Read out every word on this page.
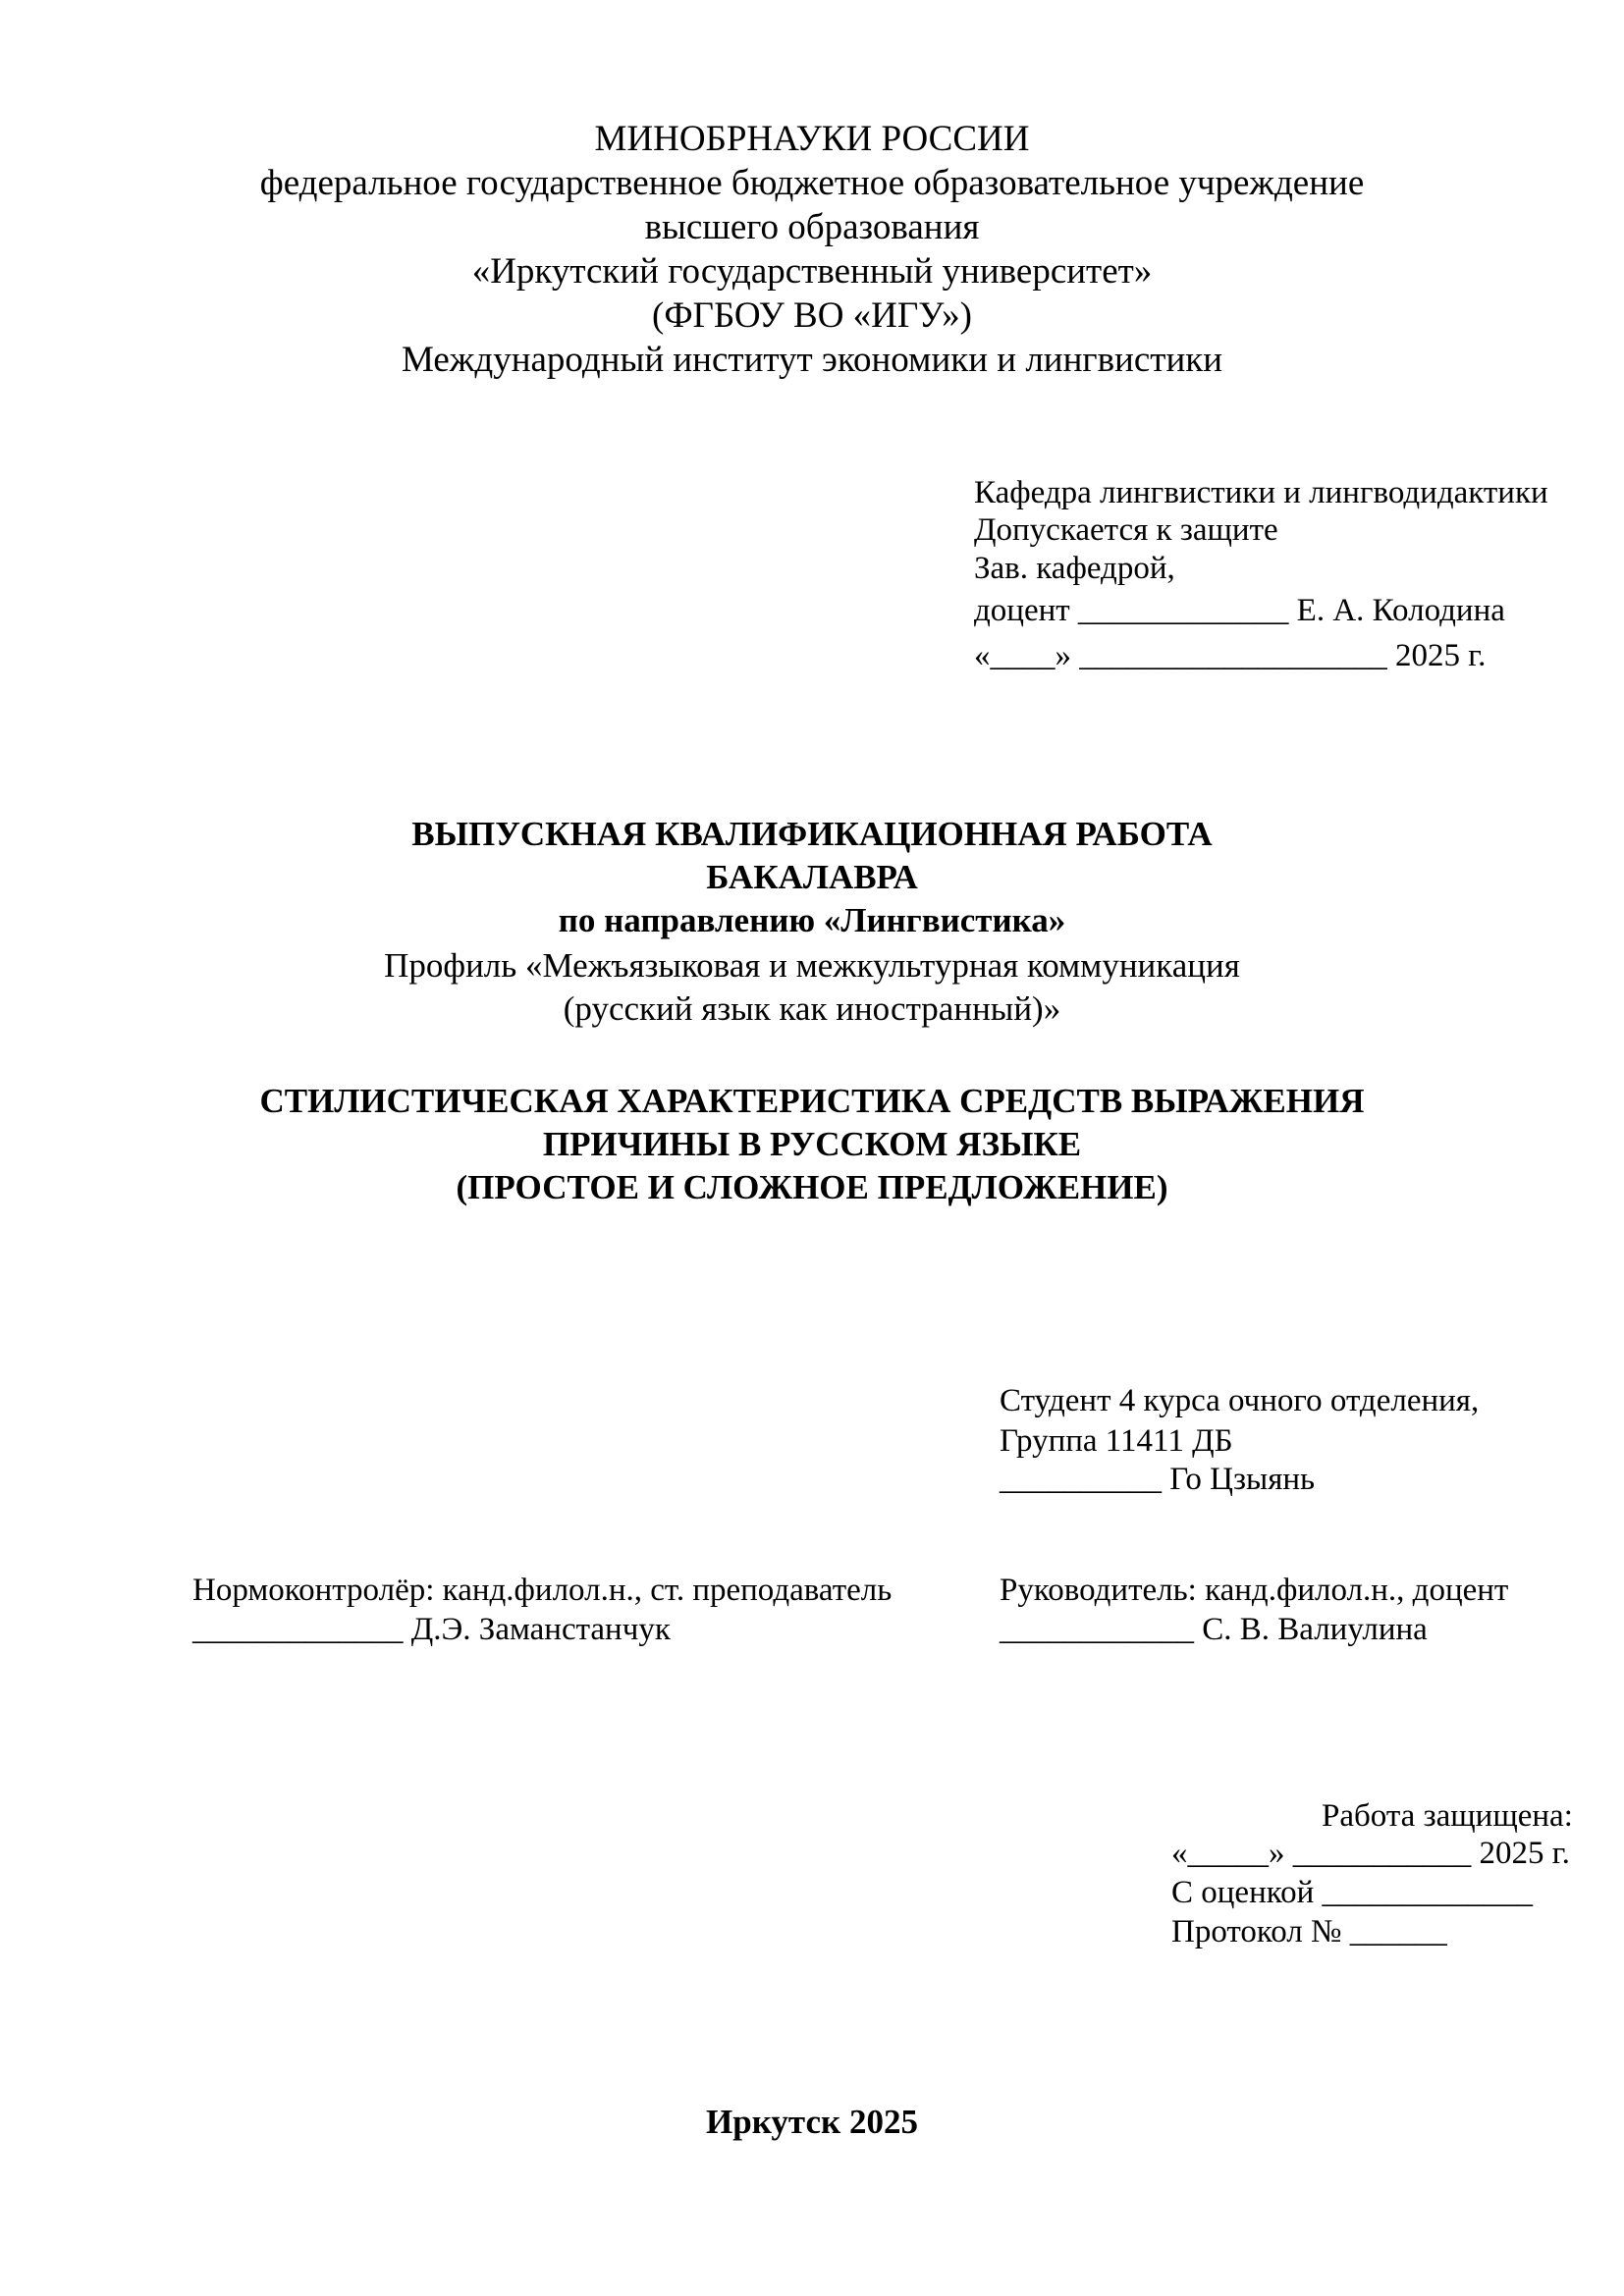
МИНОБРНАУКИ РОССИИ
федеральное государственное бюджетное образовательное учреждение
высшего образования
«Иркутский государственный университет»
(ФГБОУ ВО «ИГУ»)
Международный институт экономики и лингвистики
Кафедра лингвистики и лингводидактики
Допускается к защите
Зав. кафедрой,
доцент _____________ Е. А. Колодина
«____» ___________________ 2025 г.
ВЫПУСКНАЯ КВАЛИФИКАЦИОННАЯ РАБОТА
БАКАЛАВРА
по направлению «Лингвистика»
Профиль «Межъязыковая и межкультурная коммуникация
(русский язык как иностранный)»
СТИЛИСТИЧЕСКАЯ ХАРАКТЕРИСТИКА СРЕДСТВ ВЫРАЖЕНИЯ
ПРИЧИНЫ В РУССКОМ ЯЗЫКЕ
(ПРОСТОЕ И СЛОЖНОЕ ПРЕДЛОЖЕНИЕ)
Студент 4 курса очного отделения,
Группа 11411 ДБ
__________ Го Цзыянь
Нормоконтролёр: канд.филол.н., ст. преподаватель
_____________ Д.Э. Заманстанчук
Руководитель: канд.филол.н., доцент
____________ С. В. Валиулина
Работа защищена:
«_____» ___________ 2025 г.
С оценкой _____________
Протокол № ______
Иркутск 2025
